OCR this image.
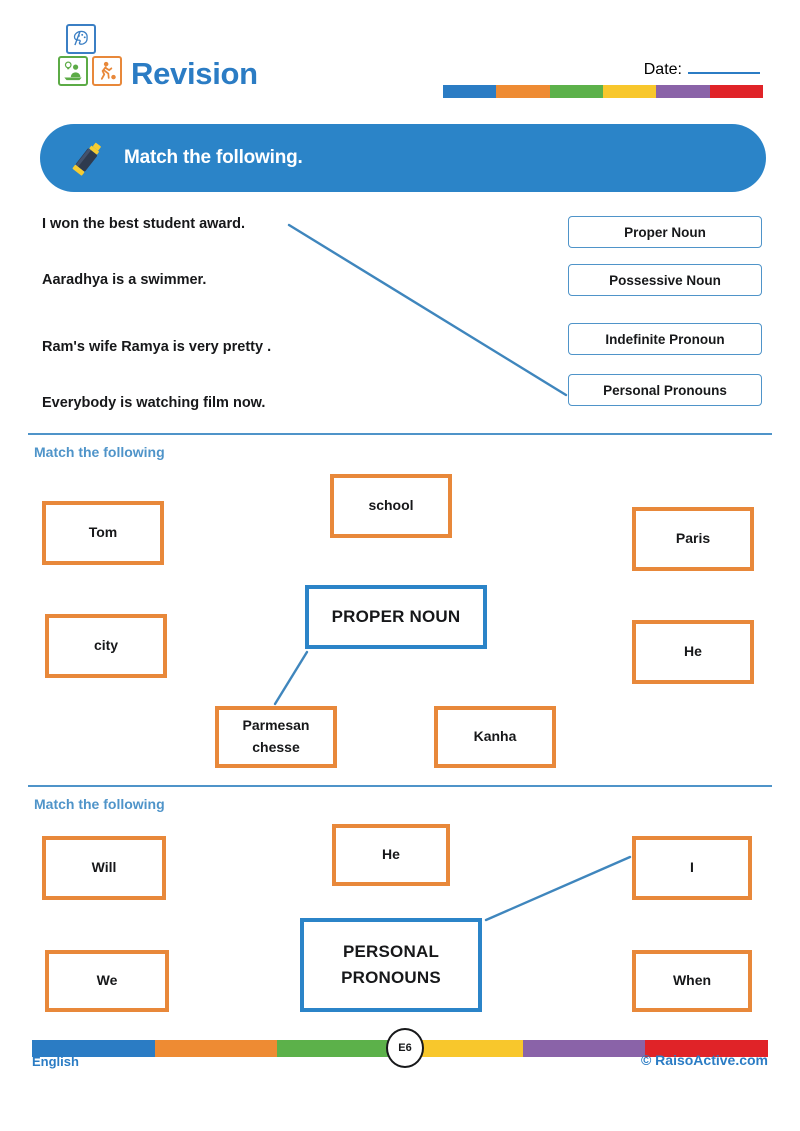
Revision	Date:
Match the following.
I won the best student award.
Aaradhya is a swimmer.
Ram's wife Ramya is very pretty .
Everybody is watching film now.
Proper Noun
Possessive Noun
Indefinite Pronoun
Personal Pronouns
Match the following
Match the following
Tom
school
Paris
city	He
PROPER NOUN
Parmesan chesse
Kanha
Will
He
I
We	When
PERSONAL
PRONOUNS
E6
English	© RaisoActive.com
